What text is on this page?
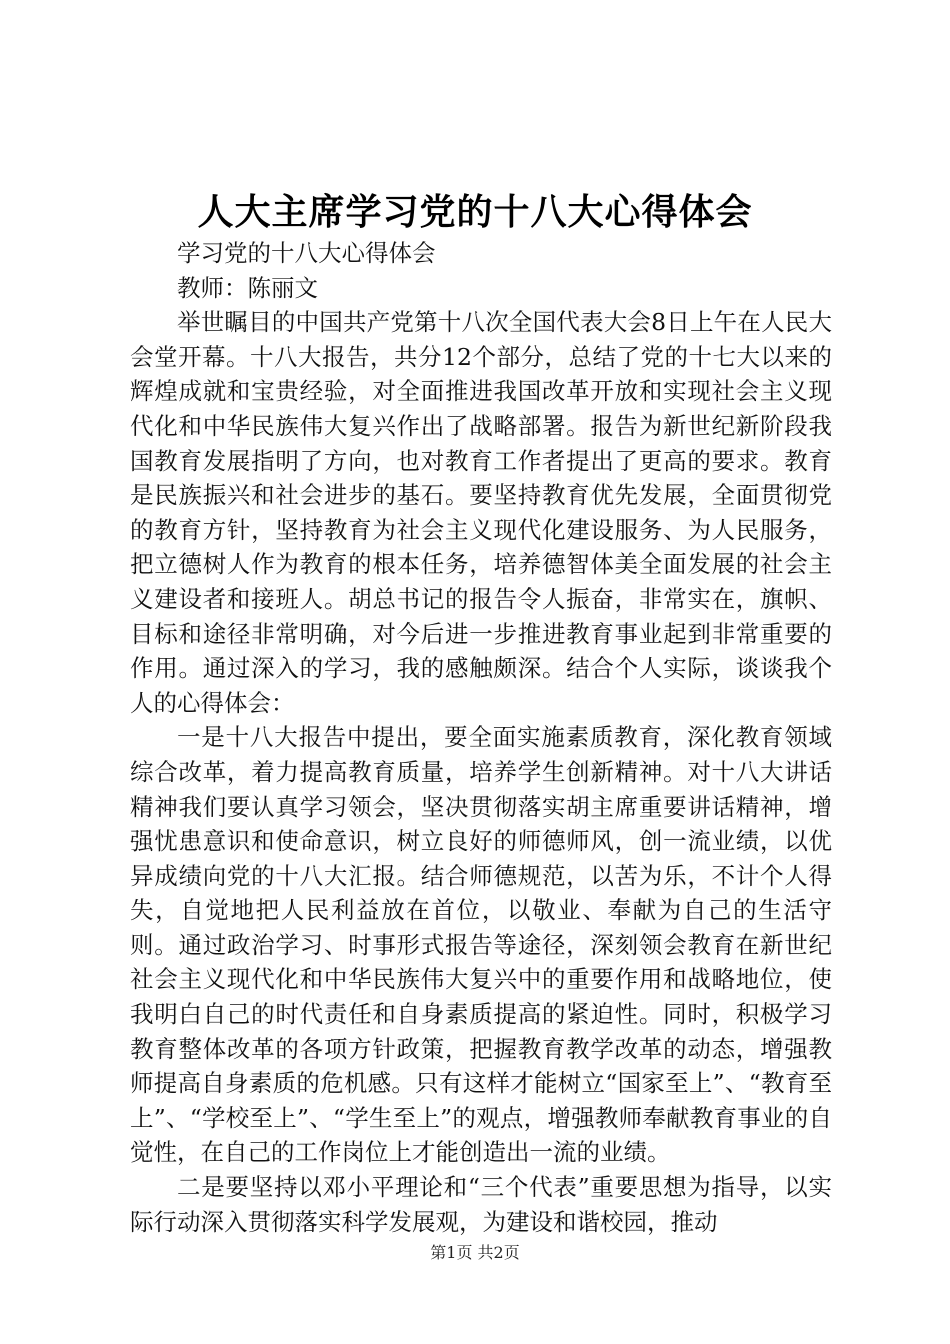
人大主席学习党的十八大心得体会

学习党的十八大心得体会

教师：陈丽文

举世瞩目的中国共产党第十八次全国代表大会8日上午在人民大会堂开幕。十八大报告，共分12个部分，总结了党的十七大以来的辉煌成就和宝贵经验，对全面推进我国改革开放和实现社会主义现代化和中华民族伟大复兴作出了战略部署。报告为新世纪新阶段我国教育发展指明了方向，也对教育工作者提出了更高的要求。教育是民族振兴和社会进步的基石。要坚持教育优先发展，全面贯彻党的教育方针，坚持教育为社会主义现代化建设服务、为人民服务，把立德树人作为教育的根本任务，培养德智体美全面发展的社会主义建设者和接班人。胡总书记的报告令人振奋，非常实在，旗帜、目标和途径非常明确，对今后进一步推进教育事业起到非常重要的作用。通过深入的学习，我的感触颇深。结合个人实际，谈谈我个人的心得体会：

一是十八大报告中提出，要全面实施素质教育，深化教育领域综合改革，着力提高教育质量，培养学生创新精神。对十八大讲话精神我们要认真学习领会，坚决贯彻落实胡主席重要讲话精神，增强忧患意识和使命意识，树立良好的师德师风，创一流业绩，以优异成绩向党的十八大汇报。结合师德规范，以苦为乐，不计个人得失，自觉地把人民利益放在首位，以敬业、奉献为自己的生活守则。通过政治学习、时事形式报告等途径，深刻领会教育在新世纪社会主义现代化和中华民族伟大复兴中的重要作用和战略地位，使我明白自己的时代责任和自身素质提高的紧迫性。同时，积极学习教育整体改革的各项方针政策，把握教育教学改革的动态，增强教师提高自身素质的危机感。只有这样才能树立“国家至上”、“教育至上”、“学校至上”、“学生至上”的观点，增强教师奉献教育事业的自觉性，在自己的工作岗位上才能创造出一流的业绩。

二是要坚持以邓小平理论和“三个代表”重要思想为指导，以实际行动深入贯彻落实科学发展观，为建设和谐校园，推动

第1页 共2页
